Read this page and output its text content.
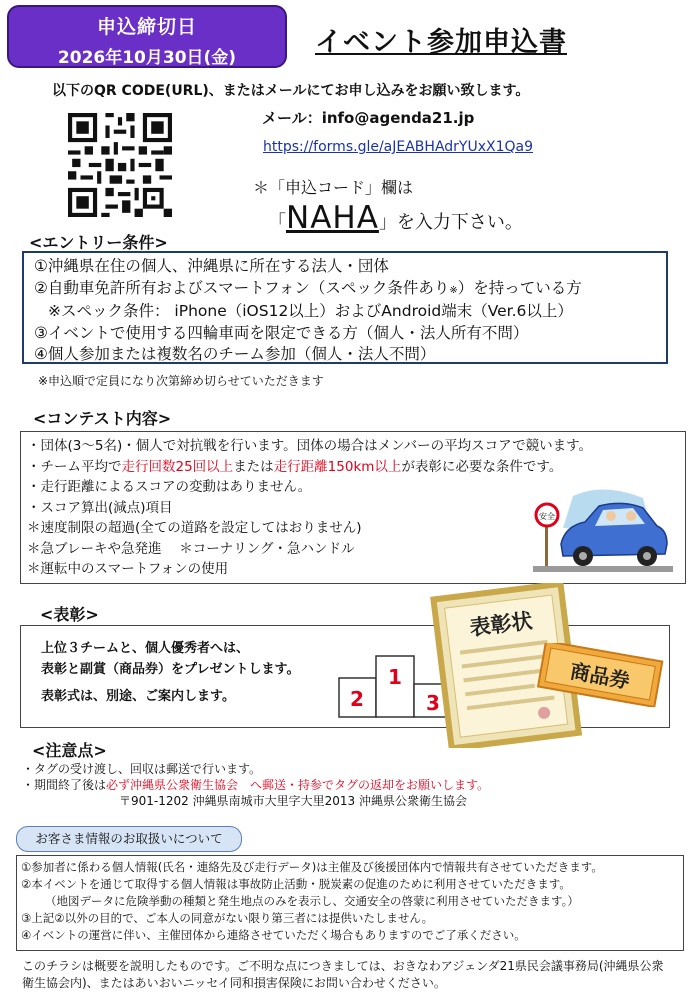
申込締切日
2026年10月30日(金)	イベント参加申込書
以下のQR CODE(URL)、またはメールにてお申し込みをお願い致します。
メール：info@agenda21.jp
https://forms.gle/aJEABHAdrYUxX1Qa9
＊「申込コード」欄は
「NAHA」を入力下さい。
<エントリー条件>
①沖縄県在住の個人、沖縄県に所在する法人・団体
②自動車免許所有およびスマートフォン（スペック条件あり※）を持っている方
※スペック条件： iPhone（iOS12以上）およびAndroid端末（Ver.6以上）
③イベントで使用する四輪車両を限定できる方（個人・法人所有不問）
④個人参加または複数名のチーム参加（個人・法人不問）
※申込順で定員になり次第締め切らせていただきます
<コンテスト内容>
・団体(3～5名)・個人で対抗戦を行います。団体の場合はメンバーの平均スコアで競います。
・チーム平均で走行回数25回以上または走行距離150km以上が表彰に必要な条件です。
・走行距離によるスコアの変動はありません。
・スコア算出(減点)項目
＊速度制限の超過(全ての道路を設定してはおりません)
＊急ブレーキや急発進　 ＊コーナリング・急ハンドル
＊運転中のスマートフォンの使用
安全
<表彰>
上位３チームと、個人優秀者へは、
表彰と副賞（商品券）をプレゼントします。
表彰式は、別途、ご案内します。	2
1
3
表彰状
商品券
<注意点>
・タグの受け渡し、回収は郵送で行います。
・期間終了後は必ず沖縄県公衆衛生協会　へ郵送・持参でタグの返却をお願いします。
〒901-1202 沖縄県南城市大里字大里2013 沖縄県公衆衛生協会
お客さま情報のお取扱いについて
①参加者に係わる個人情報(氏名・連絡先及び走行データ)は主催及び後援団体内で情報共有させていただきます。
②本イベントを通じて取得する個人情報は事故防止活動・脱炭素の促進のために利用させていただきます。
（地図データに危険挙動の種類と発生地点のみを表示し、交通安全の啓蒙に利用させていただきます。）
③上記②以外の目的で、ご本人の同意がない限り第三者には提供いたしません。
④イベントの運営に伴い、主催団体から連絡させていただく場合もありますのでご了承ください。
このチラシは概要を説明したものです。ご不明な点につきましては、おきなわアジェンダ21県民会議事務局(沖縄県公衆
衛生協会内)、またはあいおいニッセイ同和損害保険にお問い合わせください。
